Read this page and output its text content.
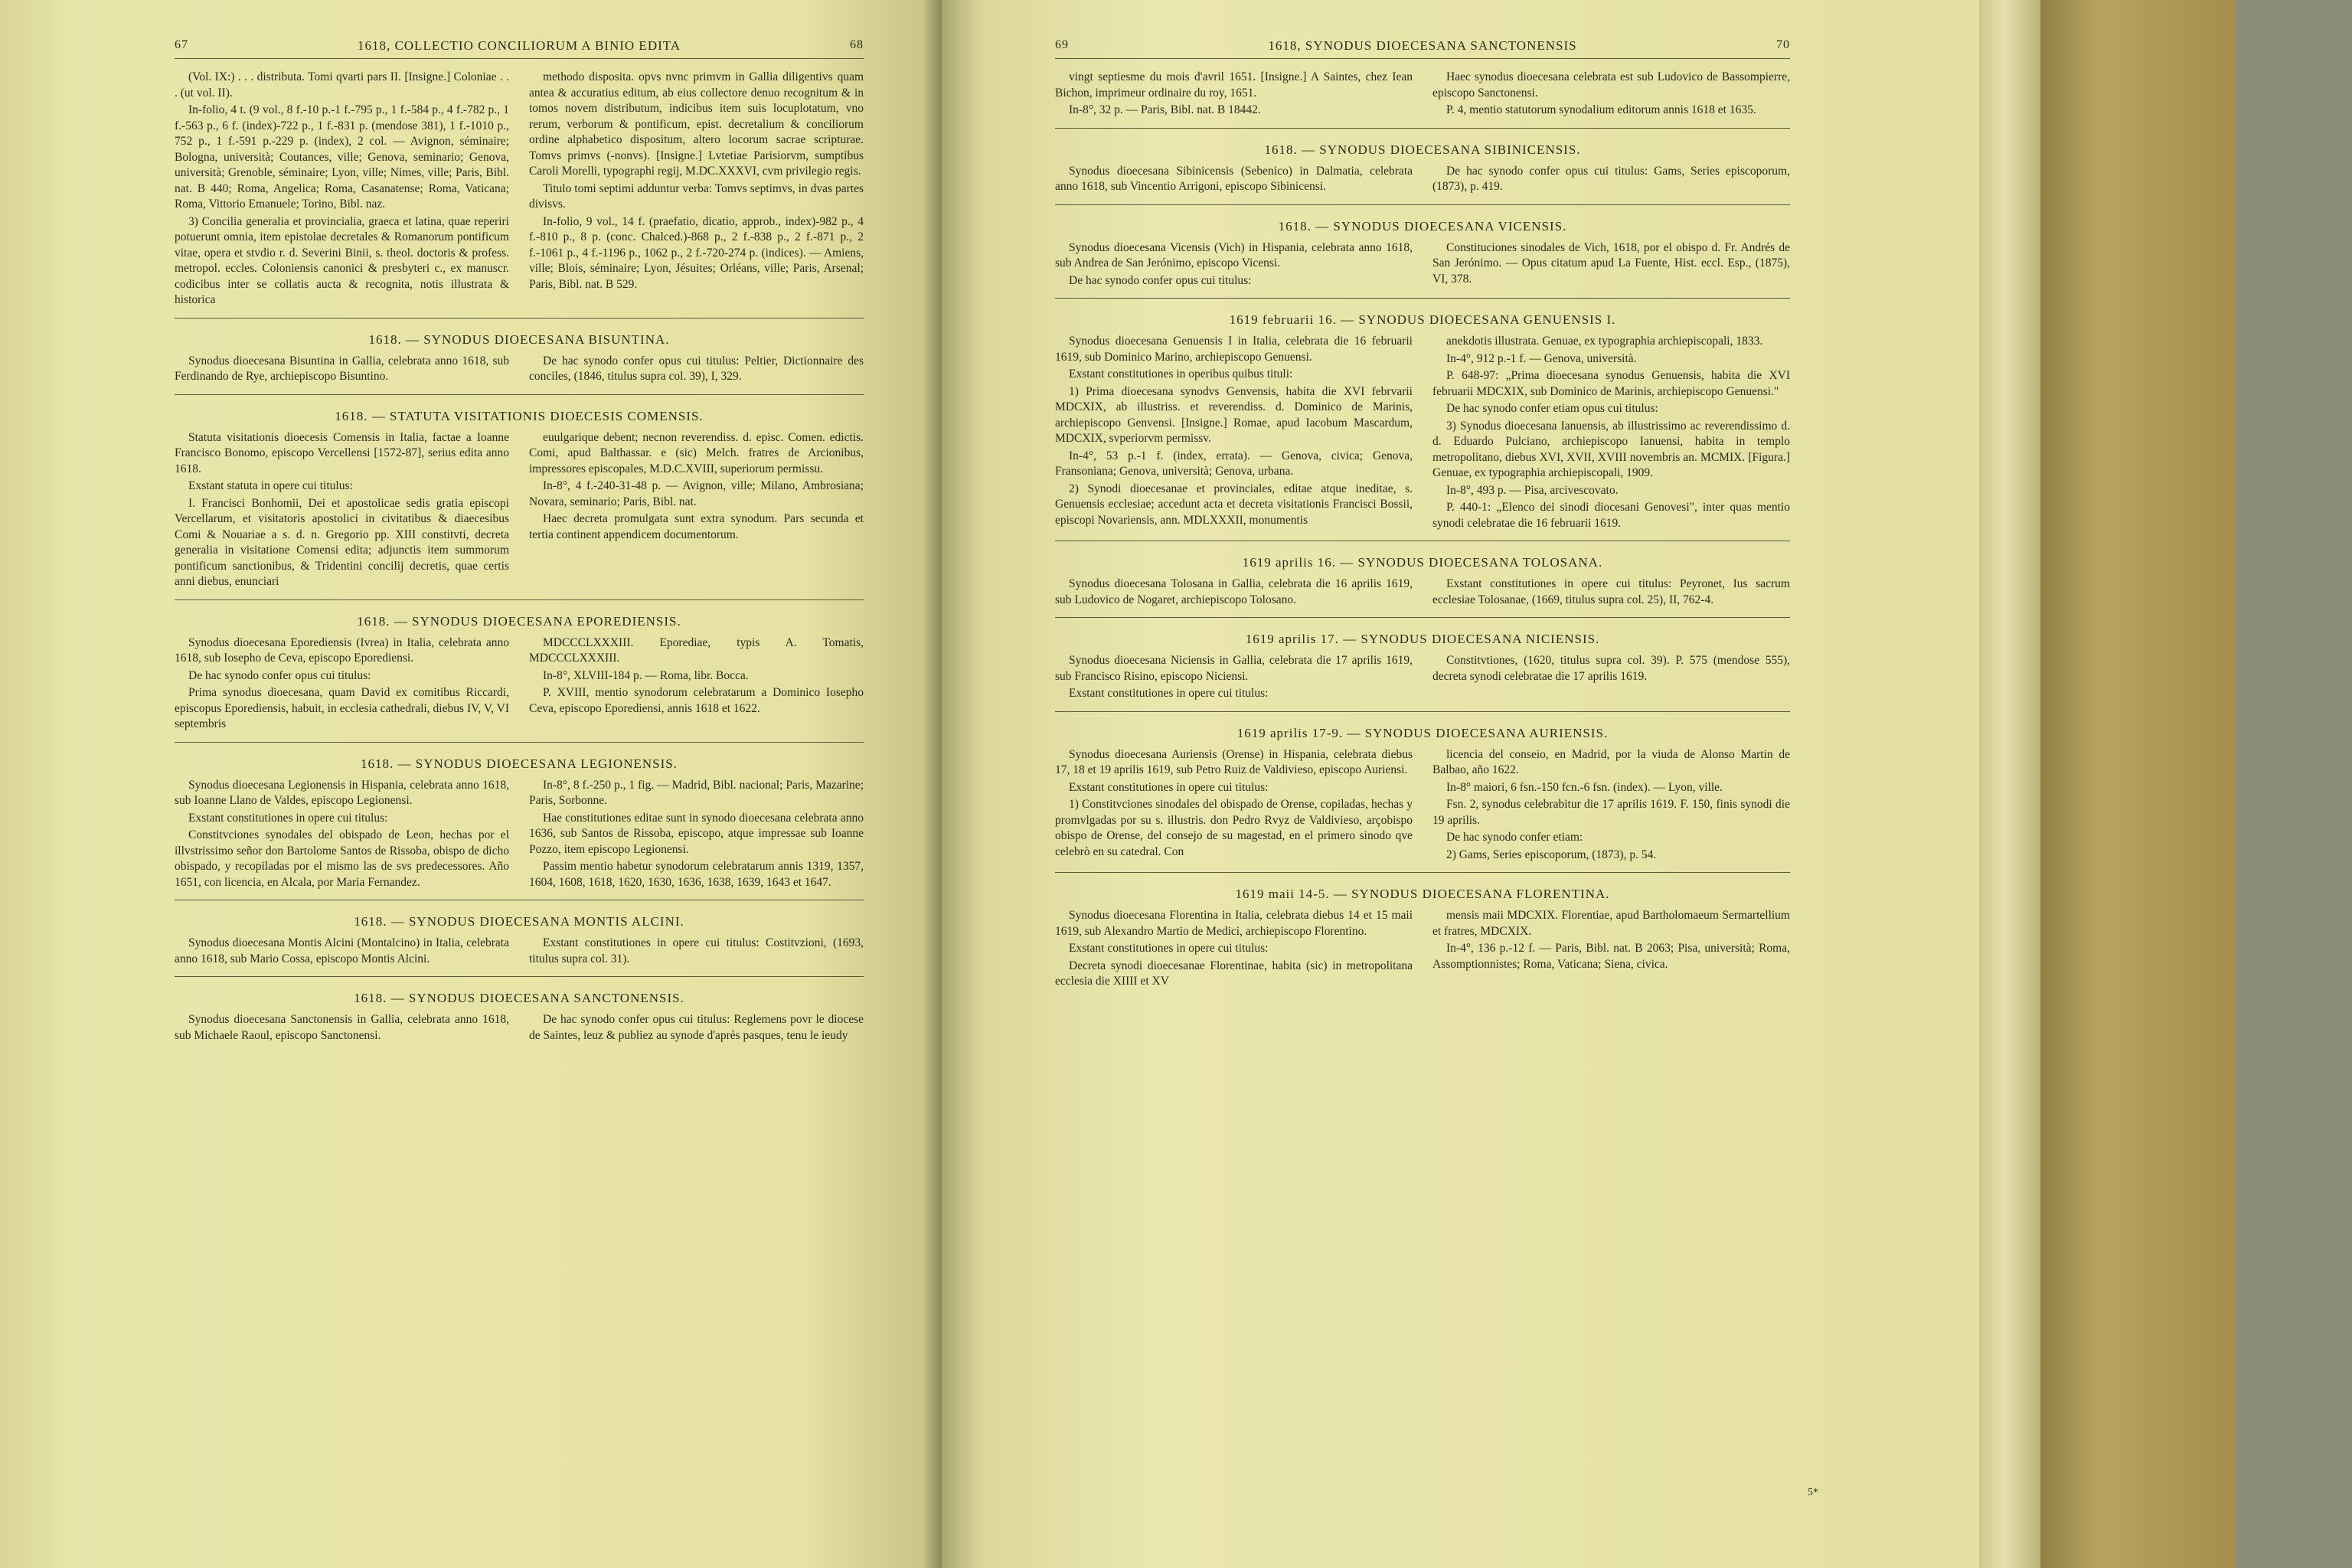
67	1618, COLLECTIO CONCILIORUM A BINIO EDITA	68

(Vol. IX:) . . . distributa. Tomi qvarti pars II. [Insigne.] Coloniae . . . (ut vol. II).

In-folio, 4 t. (9 vol., 8 f.-10 p.-1 f.-795 p., 1 f.-584 p., 4 f.-782 p., 1 f.-563 p., 6 f. (index)-722 p., 1 f.-831 p. (mendose 381), 1 f.-1010 p., 752 p., 1 f.-591 p.-229 p. (index), 2 col. — Avignon, séminaire; Bologna, università; Coutances, ville; Genova, seminario; Genova, università; Grenoble, séminaire; Lyon, ville; Nimes, ville; Paris, Bibl. nat. B 440; Roma, Angelica; Roma, Casanatense; Roma, Vaticana; Roma, Vittorio Emanuele; Torino, Bibl. naz.

3) Concilia generalia et provincialia, graeca et latina, quae reperiri potuerunt omnia, item epistolae decretales & Romanorum pontificum vitae, opera et stvdio r. d. Severini Binii, s. theol. doctoris & profess. metropol. eccles. Coloniensis canonici & presbyteri c., ex manuscr. codicibus inter se collatis aucta & recognita, notis illustrata & historica

methodo disposita. opvs nvnc primvm in Gallia diligentivs quam antea & accuratius editum, ab eius collectore denuo recognitum & in tomos novem distributum, indicibus item suis locuplotatum, vno rerum, verborum & pontificum, epist. decretalium & conciliorum ordine alphabetico dispositum, altero locorum sacrae scripturae. Tomvs primvs (-nonvs). [Insigne.] Lvtetiae Parisiorvm, sumptibus Caroli Morelli, typographi regij, M.DC.XXXVI, cvm privilegio regis.

Titulo tomi septimi adduntur verba: Tomvs septimvs, in dvas partes divisvs.

In-folio, 9 vol., 14 f. (praefatio, dicatio, approb., index)-982 p., 4 f.-810 p., 8 p. (conc. Chalced.)-868 p., 2 f.-838 p., 2 f.-871 p., 2 f.-1061 p., 4 f.-1196 p., 1062 p., 2 f.-720-274 p. (indices). — Amiens, ville; Blois, séminaire; Lyon, Jésuites; Orléans, ville; Paris, Arsenal; Paris, Bibl. nat. B 529.

1618. — SYNODUS DIOECESANA BISUNTINA.

Synodus dioecesana Bisuntina in Gallia, celebrata anno 1618, sub Ferdinando de Rye, archiepiscopo Bisuntino.

De hac synodo confer opus cui titulus: Peltier, Dictionnaire des conciles, (1846, titulus supra col. 39), I, 329.

1618. — STATUTA VISITATIONIS DIOECESIS COMENSIS.

Statuta visitationis dioecesis Comensis in Italia, factae a Ioanne Francisco Bonomo, episcopo Vercellensi [1572-87], serius edita anno 1618.

Exstant statuta in opere cui titulus:

I. Francisci Bonhomii, Dei et apostolicae sedis gratia episcopi Vercellarum, et visitatoris apostolici in civitatibus & diaecesibus Comi & Nouariae a s. d. n. Gregorio pp. XIII constitvti, decreta generalia in visitatione Comensi edita; adjunctis item summorum pontificum sanctionibus, & Tridentini concilij decretis, quae certis anni diebus, enunciari

euulgarique debent; necnon reverendiss. d. episc. Comen. edictis. Comi, apud Balthassar. e (sic) Melch. fratres de Arcionibus, impressores episcopales, M.D.C.XVIII, superiorum permissu.

In-8°, 4 f.-240-31-48 p. — Avignon, ville; Milano, Ambrosiana; Novara, seminario; Paris, Bibl. nat.

Haec decreta promulgata sunt extra synodum. Pars secunda et tertia continent appendicem documentorum.

1618. — SYNODUS DIOECESANA EPOREDIENSIS.

Synodus dioecesana Eporediensis (Ivrea) in Italia, celebrata anno 1618, sub Iosepho de Ceva, episcopo Eporediensi.

De hac synodo confer opus cui titulus:

Prima synodus dioecesana, quam David ex comitibus Riccardi, episcopus Eporediensis, habuit, in ecclesia cathedrali, diebus IV, V, VI septembris

MDCCCLXXXIII. Eporediae, typis A. Tomatis, MDCCCLXXXIII.

In-8°, XLVIII-184 p. — Roma, libr. Bocca.

P. XVIII, mentio synodorum celebratarum a Dominico Iosepho Ceva, episcopo Eporediensi, annis 1618 et 1622.

1618. — SYNODUS DIOECESANA LEGIONENSIS.

Synodus dioecesana Legionensis in Hispania, celebrata anno 1618, sub Ioanne Llano de Valdes, episcopo Legionensi.

Exstant constitutiones in opere cui titulus:

Constitvciones synodales del obispado de Leon, hechas por el illvstrissimo señor don Bartolome Santos de Rissoba, obispo de dicho obispado, y recopiladas por el mismo las de svs predecessores. Año 1651, con licencia, en Alcala, por Maria Fernandez.

In-8°, 8 f.-250 p., 1 fig. — Madrid, Bibl. nacional; Paris, Mazarine; Paris, Sorbonne.

Hae constitutiones editae sunt in synodo dioecesana celebrata anno 1636, sub Santos de Rissoba, episcopo, atque impressae sub Ioanne Pozzo, item episcopo Legionensi.

Passim mentio habetur synodorum celebratarum annis 1319, 1357, 1604, 1608, 1618, 1620, 1630, 1636, 1638, 1639, 1643 et 1647.

1618. — SYNODUS DIOECESANA MONTIS ALCINI.

Synodus dioecesana Montis Alcini (Montalcino) in Italia, celebrata anno 1618, sub Mario Cossa, episcopo Montis Alcini.

Exstant constitutiones in opere cui titulus: Costitvzioni, (1693, titulus supra col. 31).

1618. — SYNODUS DIOECESANA SANCTONENSIS.

Synodus dioecesana Sanctonensis in Gallia, celebrata anno 1618, sub Michaele Raoul, episcopo Sanctonensi.

De hac synodo confer opus cui titulus: Reglemens povr le diocese de Saintes, leuz & publiez au synode d'après pasques, tenu le ieudy

69	1618, SYNODUS DIOECESANA SANCTONENSIS	70

vingt septiesme du mois d'avril 1651. [Insigne.] A Saintes, chez Iean Bichon, imprimeur ordinaire du roy, 1651.

In-8°, 32 p. — Paris, Bibl. nat. B 18442.

Haec synodus dioecesana celebrata est sub Ludovico de Bassompierre, episcopo Sanctonensi.

P. 4, mentio statutorum synodalium editorum annis 1618 et 1635.

1618. — SYNODUS DIOECESANA SIBINICENSIS.

Synodus dioecesana Sibinicensis (Sebenico) in Dalmatia, celebrata anno 1618, sub Vincentio Arrigoni, episcopo Sibinicensi.

De hac synodo confer opus cui titulus: Gams, Series episcoporum, (1873), p. 419.

1618. — SYNODUS DIOECESANA VICENSIS.

Synodus dioecesana Vicensis (Vich) in Hispania, celebrata anno 1618, sub Andrea de San Jerónimo, episcopo Vicensi.

De hac synodo confer opus cui titulus:

Constituciones sinodales de Vich, 1618, por el obispo d. Fr. Andrés de San Jerónimo. — Opus citatum apud La Fuente, Hist. eccl. Esp., (1875), VI, 378.

1619 februarii 16. — SYNODUS DIOECESANA GENUENSIS I.

Synodus dioecesana Genuensis I in Italia, celebrata die 16 februarii 1619, sub Dominico Marino, archiepiscopo Genuensi.

Exstant constitutiones in operibus quibus tituli:

1) Prima dioecesana synodvs Genvensis, habita die XVI febrvarii MDCXIX, ab illustriss. et reverendiss. d. Dominico de Marinis, archiepiscopo Genvensi. [Insigne.] Romae, apud Iacobum Mascardum, MDCXIX, svperiorvm permissv.

In-4°, 53 p.-1 f. (index, errata). — Genova, civica; Genova, Fransoniana; Genova, università; Genova, urbana.

2) Synodi dioecesanae et provinciales, editae atque ineditae, s. Genuensis ecclesiae; accedunt acta et decreta visitationis Francisci Bossii, episcopi Novariensis, ann. MDLXXXII, monumentis

anekdotis illustrata. Genuae, ex typographia archiepiscopali, 1833.

In-4°, 912 p.-1 f. — Genova, università.

P. 648-97: „Prima dioecesana synodus Genuensis, habita die XVI februarii MDCXIX, sub Dominico de Marinis, archiepiscopo Genuensi."

De hac synodo confer etiam opus cui titulus:

3) Synodus dioecesana Ianuensis, ab illustrissimo ac reverendissimo d. d. Eduardo Pulciano, archiepiscopo Ianuensi, habita in templo metropolitano, diebus XVI, XVII, XVIII novembris an. MCMIX. [Figura.] Genuae, ex typographia archiepiscopali, 1909.

In-8°, 493 p. — Pisa, arcivescovato.

P. 440-1: „Elenco dei sinodi diocesani Genovesi", inter quas mentio synodi celebratae die 16 februarii 1619.

1619 aprilis 16. — SYNODUS DIOECESANA TOLOSANA.

Synodus dioecesana Tolosana in Gallia, celebrata die 16 aprilis 1619, sub Ludovico de Nogaret, archiepiscopo Tolosano.

Exstant constitutiones in opere cui titulus: Peyronet, Ius sacrum ecclesiae Tolosanae, (1669, titulus supra col. 25), II, 762-4.

1619 aprilis 17. — SYNODUS DIOECESANA NICIENSIS.

Synodus dioecesana Niciensis in Gallia, celebrata die 17 aprilis 1619, sub Francisco Risino, episcopo Niciensi.

Exstant constitutiones in opere cui titulus:

Constitvtiones, (1620, titulus supra col. 39). P. 575 (mendose 555), decreta synodi celebratae die 17 aprilis 1619.

1619 aprilis 17-9. — SYNODUS DIOECESANA AURIENSIS.

Synodus dioecesana Auriensis (Orense) in Hispania, celebrata diebus 17, 18 et 19 aprilis 1619, sub Petro Ruiz de Valdivieso, episcopo Auriensi.

Exstant constitutiones in opere cui titulus:

1) Constitvciones sinodales del obispado de Orense, copiladas, hechas y promvlgadas por su s. illustris. don Pedro Rvyz de Valdivieso, arçobispo obispo de Orense, del consejo de su magestad, en el primero sinodo qve celebrò en su catedral. Con

licencia del conseio, en Madrid, por la viuda de Alonso Martin de Balbao, año 1622.

In-8° maiori, 6 fsn.-150 fcn.-6 fsn. (index). — Lyon, ville.

Fsn. 2, synodus celebrabitur die 17 aprilis 1619. F. 150, finis synodi die 19 aprilis.

De hac synodo confer etiam:

2) Gams, Series episcoporum, (1873), p. 54.

1619 maii 14-5. — SYNODUS DIOECESANA FLORENTINA.

Synodus dioecesana Florentina in Italia, celebrata diebus 14 et 15 maii 1619, sub Alexandro Martio de Medici, archiepiscopo Florentino.

Exstant constitutiones in opere cui titulus:

Decreta synodi dioecesanae Florentinae, habita (sic) in metropolitana ecclesia die XIIII et XV

mensis maii MDCXIX. Florentiae, apud Bartholomaeum Sermartellium et fratres, MDCXIX.

In-4°, 136 p.-12 f. — Paris, Bibl. nat. B 2063; Pisa, università; Roma, Assomptionnistes; Roma, Vaticana; Siena, civica.

5*
